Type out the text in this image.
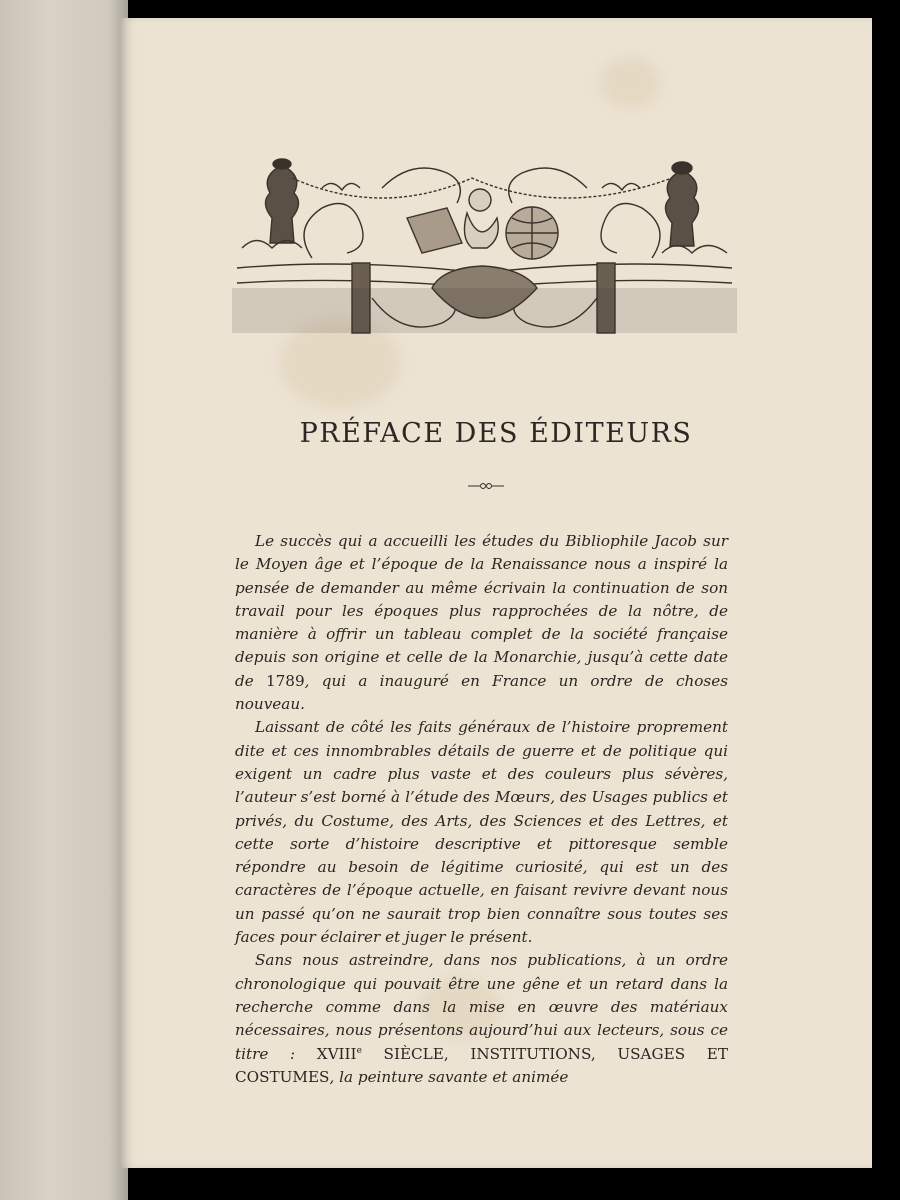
PRÉFACE DES ÉDITEURS

Le succès qui a accueilli les études du Bibliophile Jacob sur le Moyen âge et l’époque de la Renaissance nous a inspiré la pensée de demander au même écrivain la continuation de son travail pour les époques plus rapprochées de la nôtre, de manière à offrir un tableau complet de la société française depuis son origine et celle de la Monarchie, jusqu’à cette date de 1789, qui a inauguré en France un ordre de choses nouveau.

Laissant de côté les faits généraux de l’histoire proprement dite et ces innombrables détails de guerre et de politique qui exigent un cadre plus vaste et des couleurs plus sévères, l’auteur s’est borné à l’étude des Mœurs, des Usages publics et privés, du Costume, des Arts, des Sciences et des Lettres, et cette sorte d’histoire descriptive et pittoresque semble répondre au besoin de légitime curiosité, qui est un des caractères de l’époque actuelle, en faisant revivre devant nous un passé qu’on ne saurait trop bien connaître sous toutes ses faces pour éclairer et juger le présent.

Sans nous astreindre, dans nos publications, à un ordre chronologique qui pouvait être une gêne et un retard dans la recherche comme dans la mise en œuvre des matériaux nécessaires, nous présentons aujourd’hui aux lecteurs, sous ce titre : XVIIIe SIÈCLE, INSTITUTIONS, USAGES ET COSTUMES, la peinture savante et animée
